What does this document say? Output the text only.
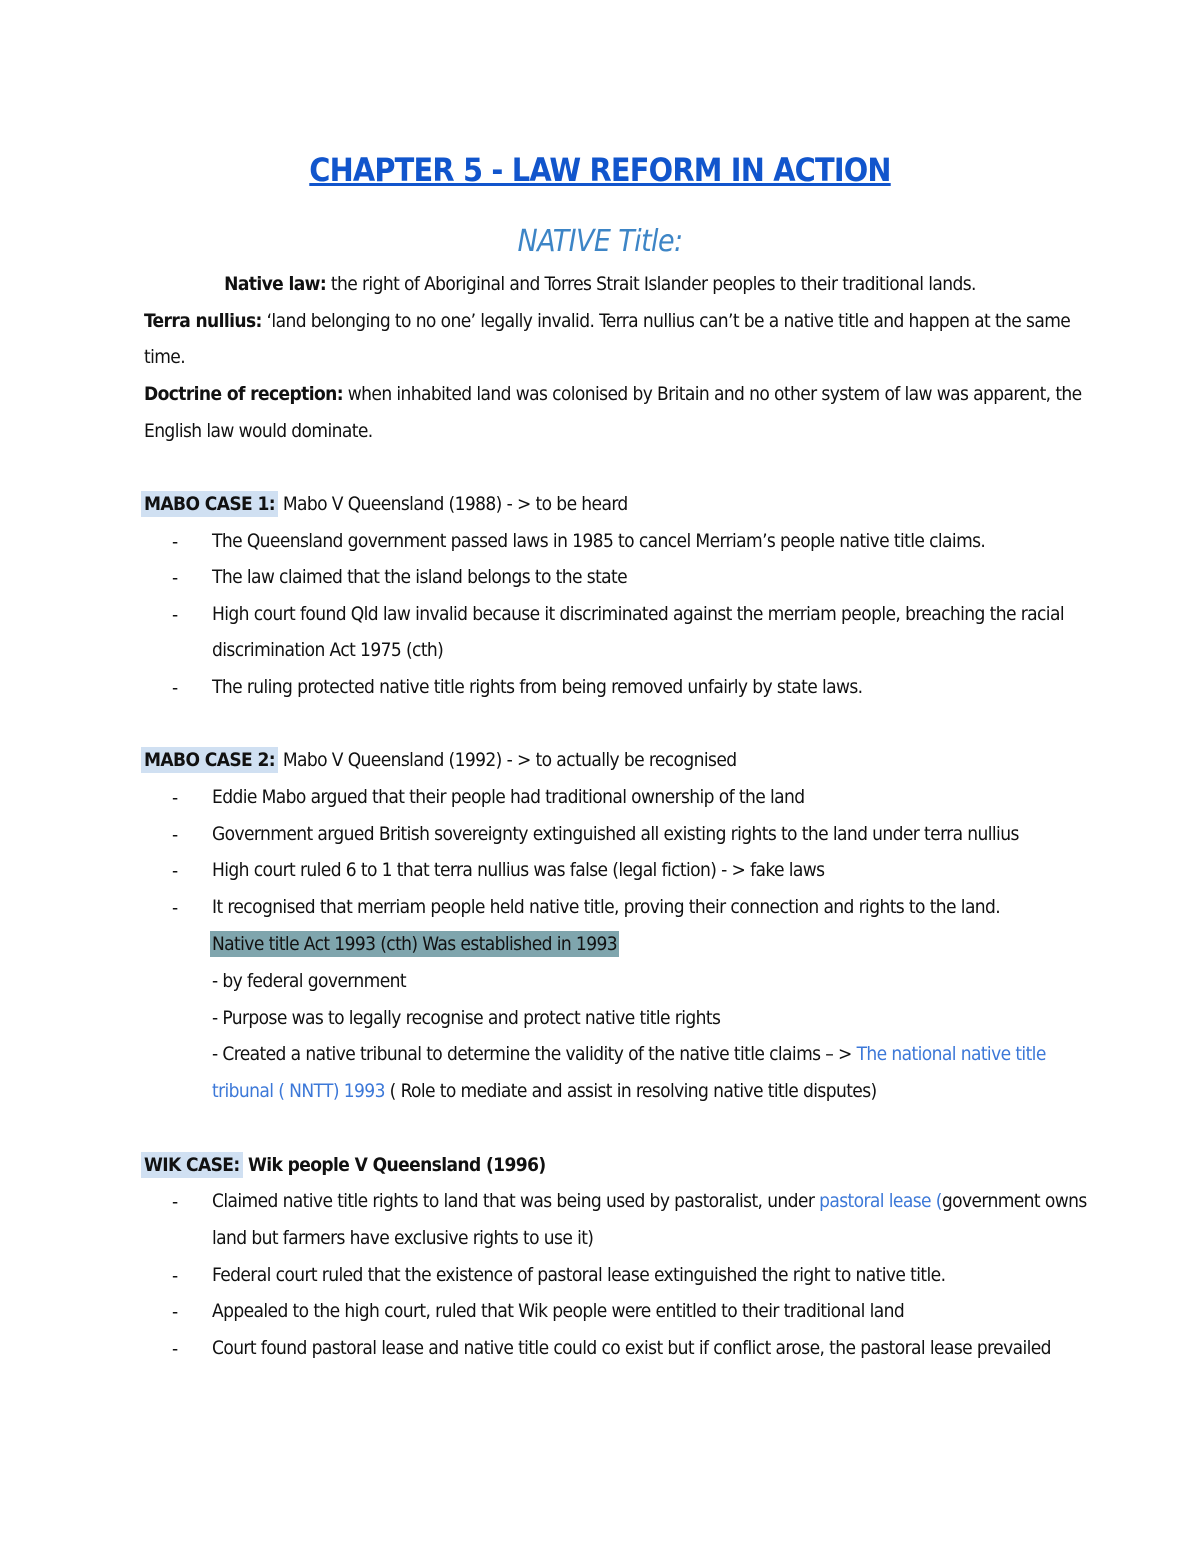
CHAPTER 5 - LAW REFORM IN ACTION
NATIVE Title:
Native law: the right of Aboriginal and Torres Strait Islander peoples to their traditional lands.
Terra nullius: ‘land belonging to no one’ legally invalid. Terra nullius can’t be a native title and happen at the same
time.
Doctrine of reception: when inhabited land was colonised by Britain and no other system of law was apparent, the
English law would dominate.
MABO CASE 1: Mabo V Queensland (1988) - > to be heard
- The Queensland government passed laws in 1985 to cancel Merriam’s people native title claims.
- The law claimed that the island belongs to the state
- High court found Qld law invalid because it discriminated against the merriam people, breaching the racial
discrimination Act 1975 (cth)
- The ruling protected native title rights from being removed unfairly by state laws.
MABO CASE 2: Mabo V Queensland (1992) - > to actually be recognised
- Eddie Mabo argued that their people had traditional ownership of the land
- Government argued British sovereignty extinguished all existing rights to the land under terra nullius
- High court ruled 6 to 1 that terra nullius was false (legal fiction) - > fake laws
- It recognised that merriam people held native title, proving their connection and rights to the land.
Native title Act 1993 (cth) Was established in 1993
- by federal government
- Purpose was to legally recognise and protect native title rights
- Created a native tribunal to determine the validity of the native title claims – > The national native title
tribunal ( NNTT) 1993 ( Role to mediate and assist in resolving native title disputes)
WIK CASE: Wik people V Queensland (1996)
- Claimed native title rights to land that was being used by pastoralist, under pastoral lease (government owns
land but farmers have exclusive rights to use it)
- Federal court ruled that the existence of pastoral lease extinguished the right to native title.
- Appealed to the high court, ruled that Wik people were entitled to their traditional land
- Court found pastoral lease and native title could co exist but if conflict arose, the pastoral lease prevailed
